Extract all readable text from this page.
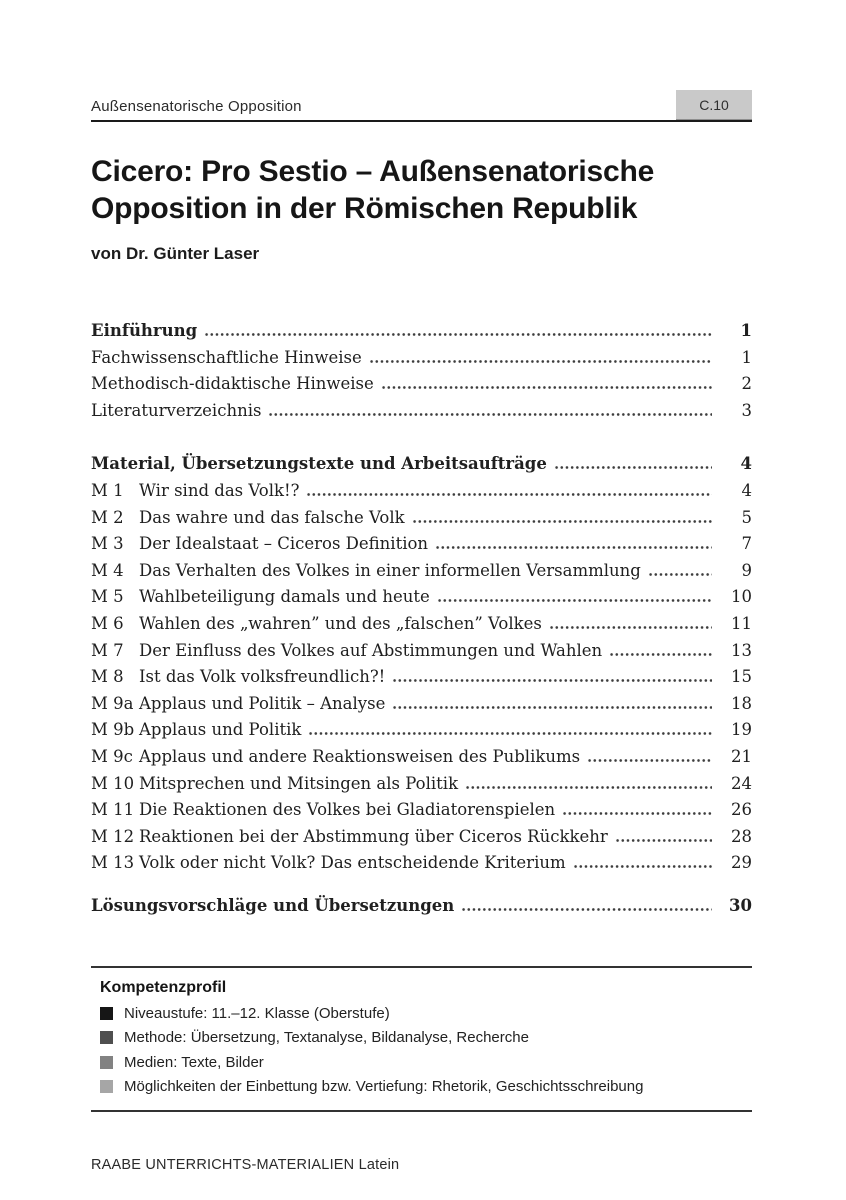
Außensenatorische Opposition	C.10
Cicero: Pro Sestio – Außensenatorische
Opposition in der Römischen Republik
von Dr. Günter Laser
Einführung	1
Fachwissenschaftliche Hinweise	1
Methodisch-didaktische Hinweise	2
Literaturverzeichnis	3
Material, Übersetzungstexte und Arbeitsaufträge	4
M 1 Wir sind das Volk!?	4
M 2 Das wahre und das falsche Volk	5
M 3 Der Idealstaat – Ciceros Definition	7
M 4 Das Verhalten des Volkes in einer informellen Versammlung	9
M 5 Wahlbeteiligung damals und heute	10
M 6 Wahlen des „wahren” und des „falschen” Volkes	11
M 7 Der Einfluss des Volkes auf Abstimmungen und Wahlen	13
M 8 Ist das Volk volksfreundlich?!	15
M 9a Applaus und Politik – Analyse	18
M 9b Applaus und Politik	19
M 9c Applaus und andere Reaktionsweisen des Publikums	21
M 10 Mitsprechen und Mitsingen als Politik	24
M 11 Die Reaktionen des Volkes bei Gladiatorenspielen	26
M 12 Reaktionen bei der Abstimmung über Ciceros Rückkehr	28
M 13 Volk oder nicht Volk? Das entscheidende Kriterium	29
Lösungsvorschläge und Übersetzungen	30
Kompetenzprofil
Niveaustufe: 11.–12. Klasse (Oberstufe)
Methode: Übersetzung, Textanalyse, Bildanalyse, Recherche
Medien: Texte, Bilder
Möglichkeiten der Einbettung bzw. Vertiefung: Rhetorik, Geschichtsschreibung
RAABE UNTERRICHTS-MATERIALIEN Latein
